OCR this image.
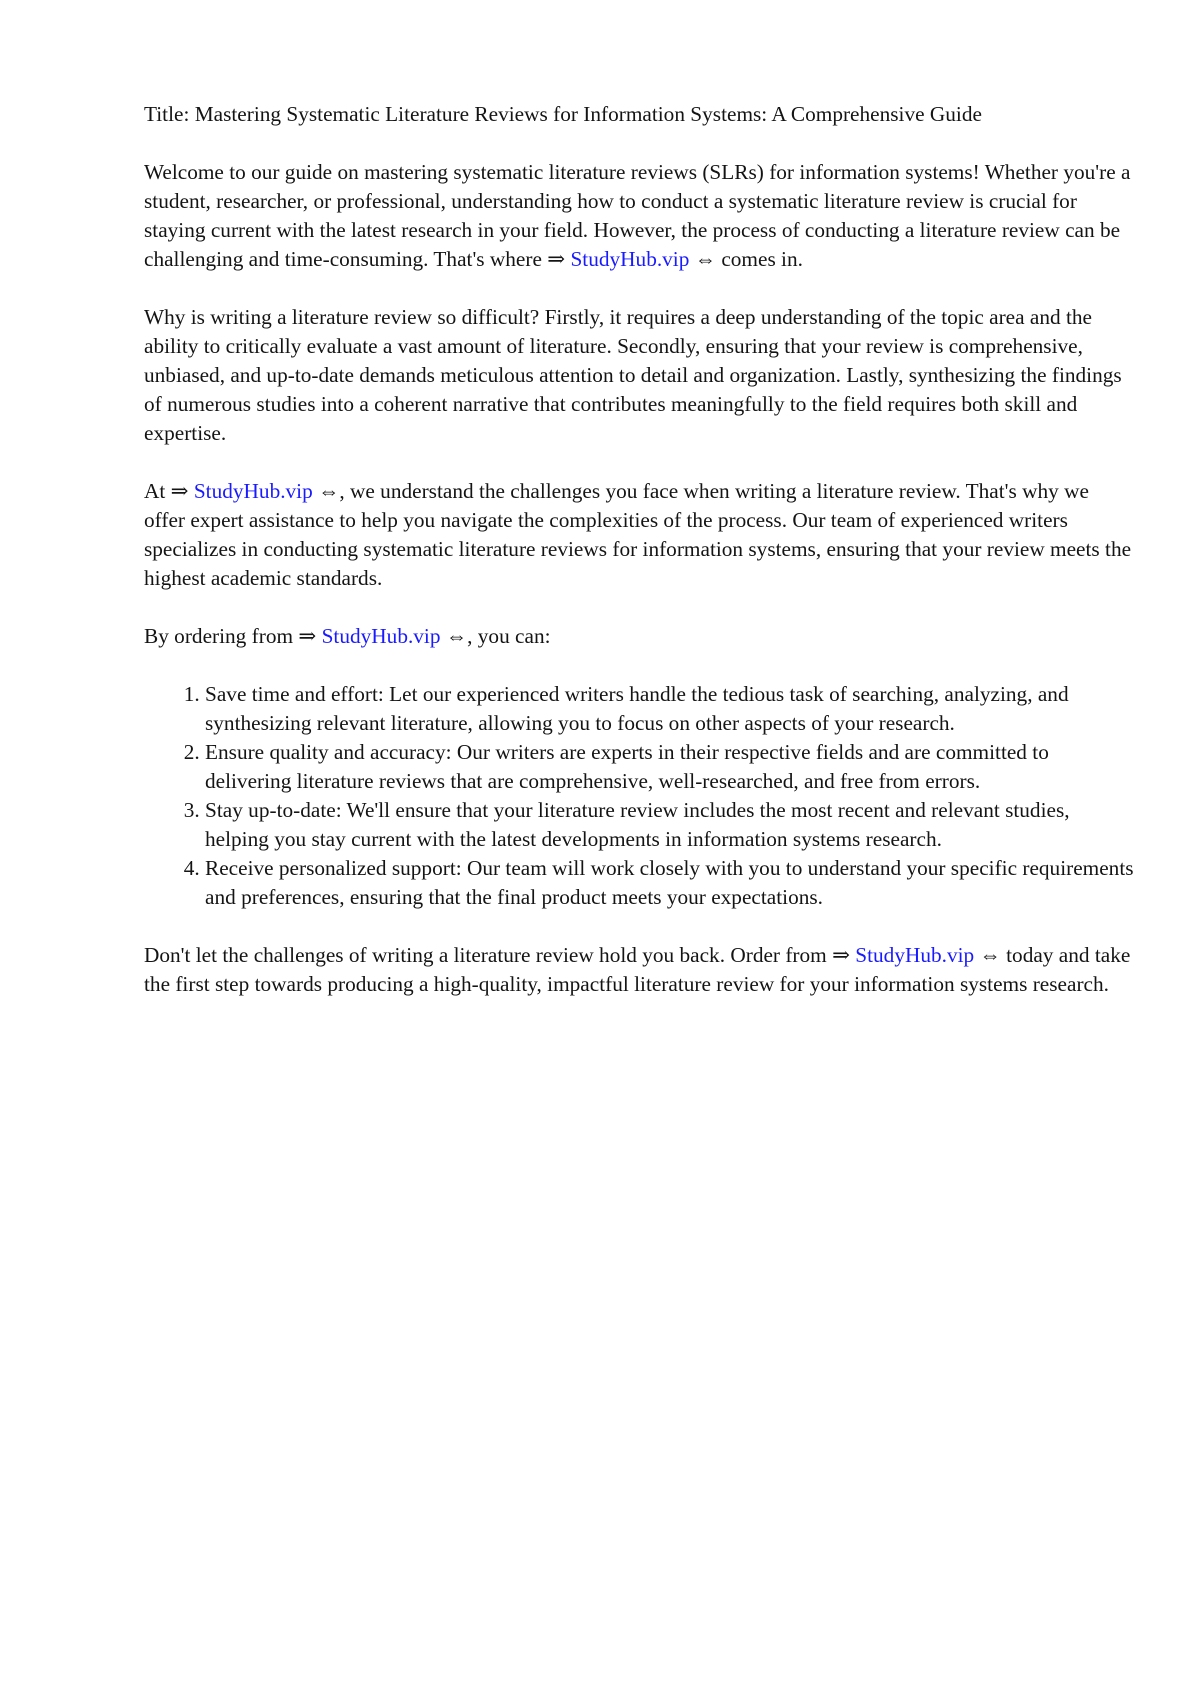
Title: Mastering Systematic Literature Reviews for Information Systems: A Comprehensive Guide

Welcome to our guide on mastering systematic literature reviews (SLRs) for information systems! Whether you're a student, researcher, or professional, understanding how to conduct a systematic literature review is crucial for staying current with the latest research in your field. However, the process of conducting a literature review can be challenging and time-consuming. That's where ⇒ StudyHub.vip ⇔ comes in.

Why is writing a literature review so difficult? Firstly, it requires a deep understanding of the topic area and the ability to critically evaluate a vast amount of literature. Secondly, ensuring that your review is comprehensive, unbiased, and up-to-date demands meticulous attention to detail and organization. Lastly, synthesizing the findings of numerous studies into a coherent narrative that contributes meaningfully to the field requires both skill and expertise.

At ⇒ StudyHub.vip ⇔, we understand the challenges you face when writing a literature review. That's why we offer expert assistance to help you navigate the complexities of the process. Our team of experienced writers specializes in conducting systematic literature reviews for information systems, ensuring that your review meets the highest academic standards.

By ordering from ⇒ StudyHub.vip ⇔, you can:

1. Save time and effort: Let our experienced writers handle the tedious task of searching, analyzing, and synthesizing relevant literature, allowing you to focus on other aspects of your research.
2. Ensure quality and accuracy: Our writers are experts in their respective fields and are committed to delivering literature reviews that are comprehensive, well-researched, and free from errors.
3. Stay up-to-date: We'll ensure that your literature review includes the most recent and relevant studies, helping you stay current with the latest developments in information systems research.
4. Receive personalized support: Our team will work closely with you to understand your specific requirements and preferences, ensuring that the final product meets your expectations.

Don't let the challenges of writing a literature review hold you back. Order from ⇒ StudyHub.vip ⇔ today and take the first step towards producing a high-quality, impactful literature review for your information systems research.
